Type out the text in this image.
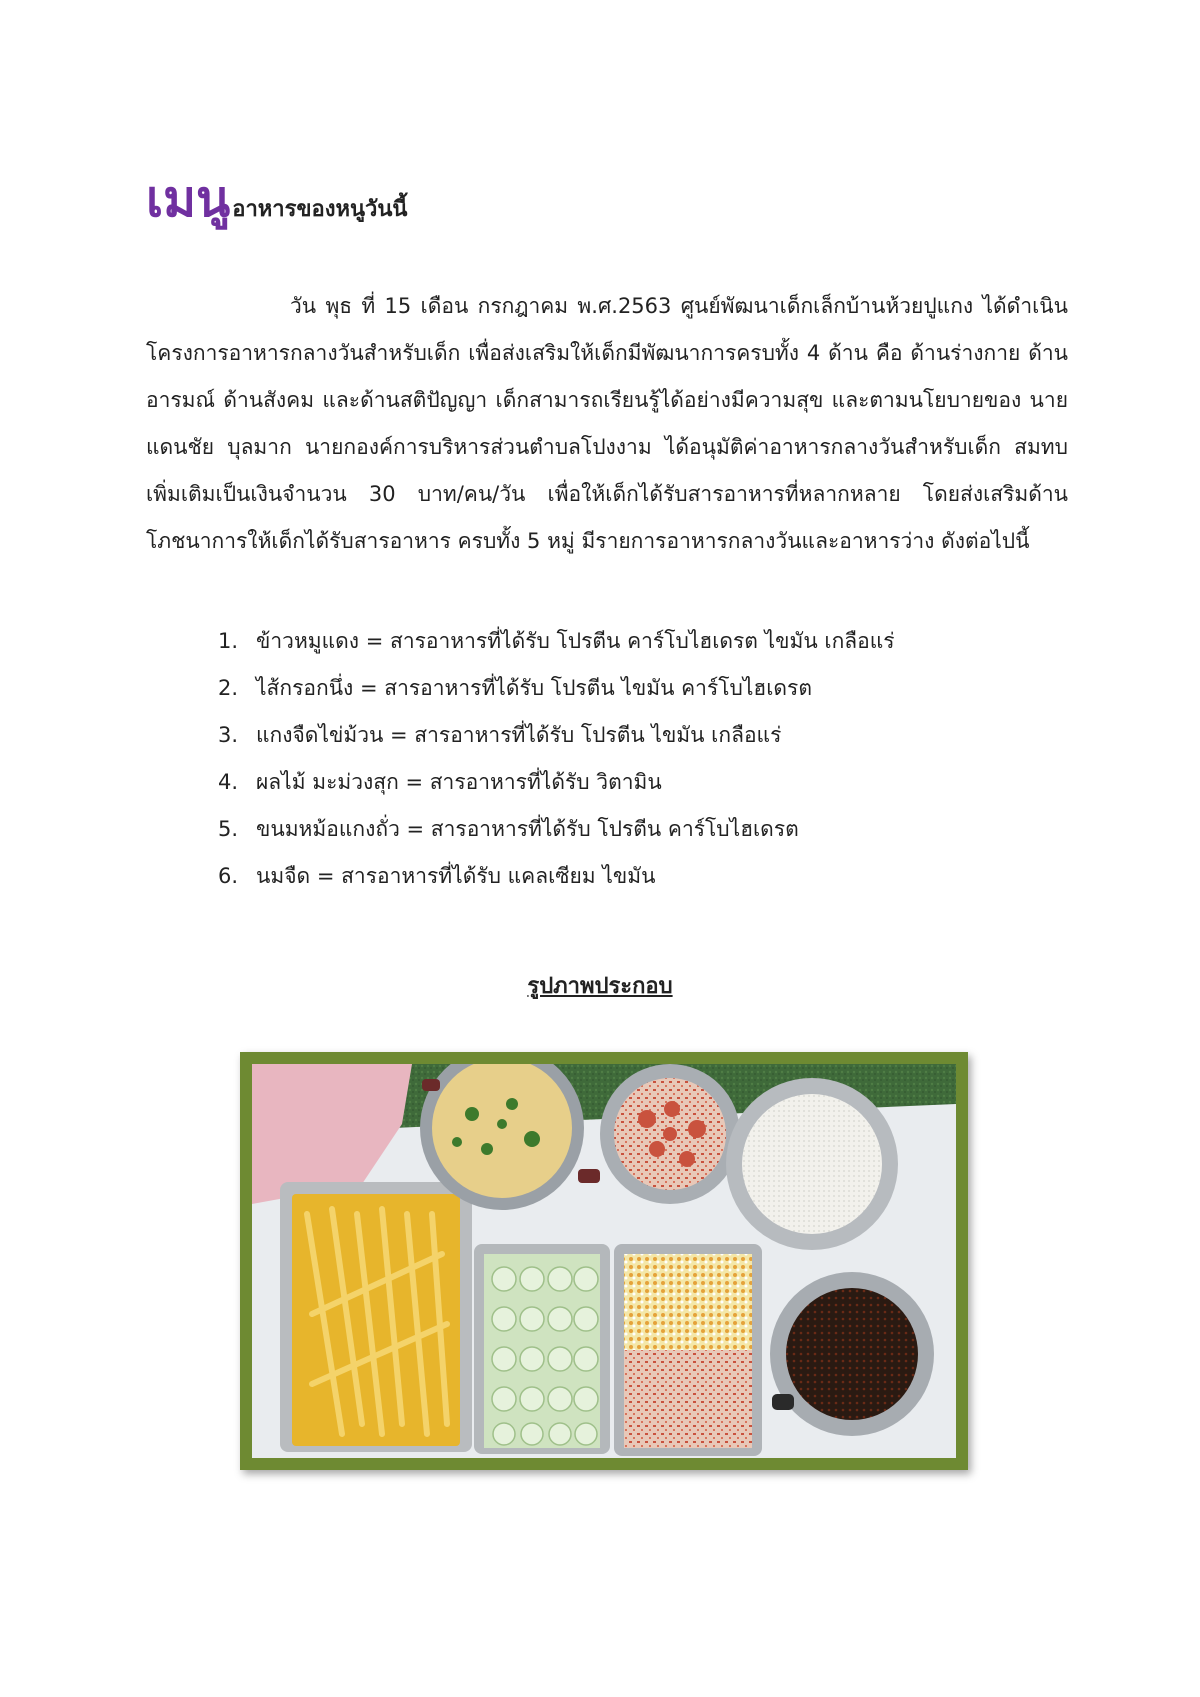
เมนู อาหารของหนูวันนี้

วัน พุธ ที่ 15 เดือน กรกฎาคม พ.ศ.2563 ศูนย์พัฒนาเด็กเล็กบ้านห้วยปูแกง ได้ดำเนินโครงการอาหารกลางวันสำหรับเด็ก เพื่อส่งเสริมให้เด็กมีพัฒนาการครบทั้ง 4 ด้าน คือ ด้านร่างกาย ด้านอารมณ์ ด้านสังคม และด้านสติปัญญา เด็กสามารถเรียนรู้ได้อย่างมีความสุข และตามนโยบายของ นายแดนชัย บุลมาก นายกองค์การบริหารส่วนตำบลโปงงาม ได้อนุมัติค่าอาหารกลางวันสำหรับเด็ก สมทบเพิ่มเติมเป็นเงินจำนวน 30 บาท/คน/วัน เพื่อให้เด็กได้รับสารอาหารที่หลากหลาย โดยส่งเสริมด้านโภชนาการให้เด็กได้รับสารอาหาร ครบทั้ง 5 หมู่ มีรายการอาหารกลางวันและอาหารว่าง ดังต่อไปนี้

1. ข้าวหมูแดง = สารอาหารที่ได้รับ โปรตีน คาร์โบไฮเดรต ไขมัน เกลือแร่
2. ไส้กรอกนึ่ง = สารอาหารที่ได้รับ โปรตีน ไขมัน คาร์โบไฮเดรต
3. แกงจืดไข่ม้วน = สารอาหารที่ได้รับ โปรตีน ไขมัน เกลือแร่
4. ผลไม้ มะม่วงสุก = สารอาหารที่ได้รับ วิตามิน
5. ขนมหม้อแกงถั่ว = สารอาหารที่ได้รับ โปรตีน คาร์โบไฮเดรต
6. นมจืด = สารอาหารที่ได้รับ แคลเซียม ไขมัน
รูปภาพประกอบ
